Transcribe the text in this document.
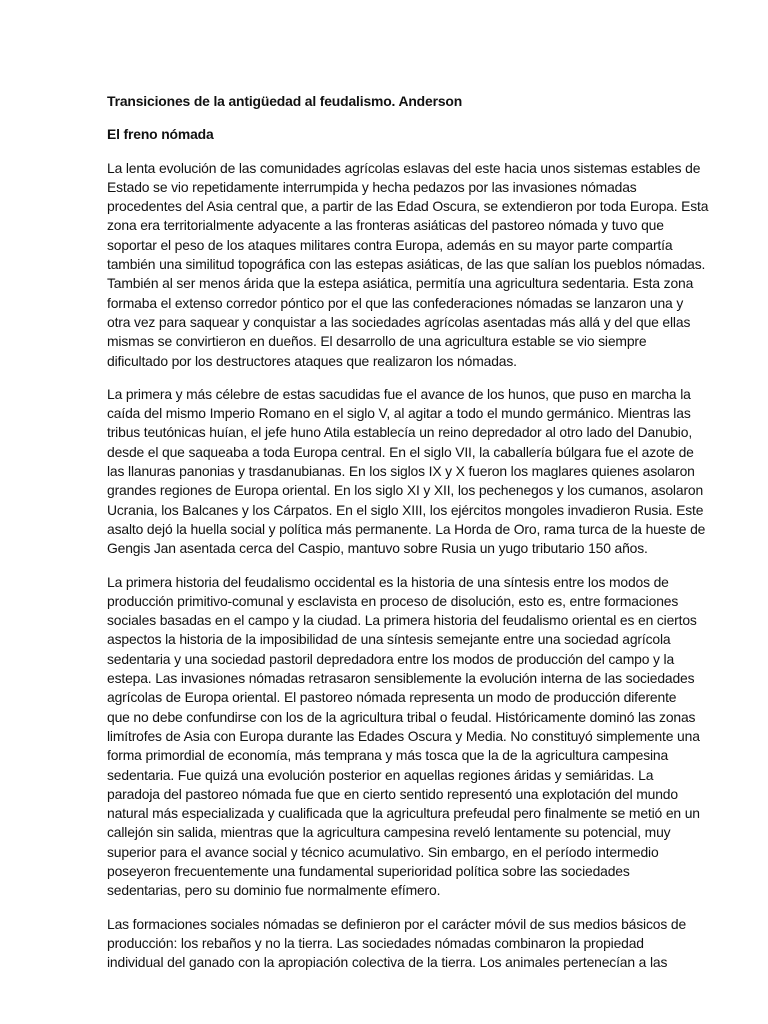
Transiciones de la antigüedad al feudalismo. Anderson

El freno nómada

La lenta evolución de las comunidades agrícolas eslavas del este hacia unos sistemas estables de
Estado se vio repetidamente interrumpida y hecha pedazos por las invasiones nómadas
procedentes del Asia central que, a partir de las Edad Oscura, se extendieron por toda Europa. Esta
zona era territorialmente adyacente a las fronteras asiáticas del pastoreo nómada y tuvo que
soportar el peso de los ataques militares contra Europa, además en su mayor parte compartía
también una similitud topográfica con las estepas asiáticas, de las que salían los pueblos nómadas.
También al ser menos árida que la estepa asiática, permitía una agricultura sedentaria. Esta zona
formaba el extenso corredor póntico por el que las confederaciones nómadas se lanzaron una y
otra vez para saquear y conquistar a las sociedades agrícolas asentadas más allá y del que ellas
mismas se convirtieron en dueños. El desarrollo de una agricultura estable se vio siempre
dificultado por los destructores ataques que realizaron los nómadas.

La primera y más célebre de estas sacudidas fue el avance de los hunos, que puso en marcha la
caída del mismo Imperio Romano en el siglo V, al agitar a todo el mundo germánico. Mientras las
tribus teutónicas huían, el jefe huno Atila establecía un reino depredador al otro lado del Danubio,
desde el que saqueaba a toda Europa central. En el siglo VII, la caballería búlgara fue el azote de
las llanuras panonias y trasdanubianas. En los siglos IX y X fueron los maglares quienes asolaron
grandes regiones de Europa oriental. En los siglo XI y XII, los pechenegos y los cumanos, asolaron
Ucrania, los Balcanes y los Cárpatos. En el siglo XIII, los ejércitos mongoles invadieron Rusia. Este
asalto dejó la huella social y política más permanente. La Horda de Oro, rama turca de la hueste de
Gengis Jan asentada cerca del Caspio, mantuvo sobre Rusia un yugo tributario 150 años.

La primera historia del feudalismo occidental es la historia de una síntesis entre los modos de
producción primitivo-comunal y esclavista en proceso de disolución, esto es, entre formaciones
sociales basadas en el campo y la ciudad. La primera historia del feudalismo oriental es en ciertos
aspectos la historia de la imposibilidad de una síntesis semejante entre una sociedad agrícola
sedentaria y una sociedad pastoril depredadora entre los modos de producción del campo y la
estepa. Las invasiones nómadas retrasaron sensiblemente la evolución interna de las sociedades
agrícolas de Europa oriental. El pastoreo nómada representa un modo de producción diferente
que no debe confundirse con los de la agricultura tribal o feudal. Históricamente dominó las zonas
limítrofes de Asia con Europa durante las Edades Oscura y Media. No constituyó simplemente una
forma primordial de economía, más temprana y más tosca que la de la agricultura campesina
sedentaria. Fue quizá una evolución posterior en aquellas regiones áridas y semiáridas. La
paradoja del pastoreo nómada fue que en cierto sentido representó una explotación del mundo
natural más especializada y cualificada que la agricultura prefeudal pero finalmente se metió en un
callejón sin salida, mientras que la agricultura campesina reveló lentamente su potencial, muy
superior para el avance social y técnico acumulativo. Sin embargo, en el período intermedio
poseyeron frecuentemente una fundamental superioridad política sobre las sociedades
sedentarias, pero su dominio fue normalmente efímero.

Las formaciones sociales nómadas se definieron por el carácter móvil de sus medios básicos de
producción: los rebaños y no la tierra. Las sociedades nómadas combinaron la propiedad
individual del ganado con la apropiación colectiva de la tierra. Los animales pertenecían a las
